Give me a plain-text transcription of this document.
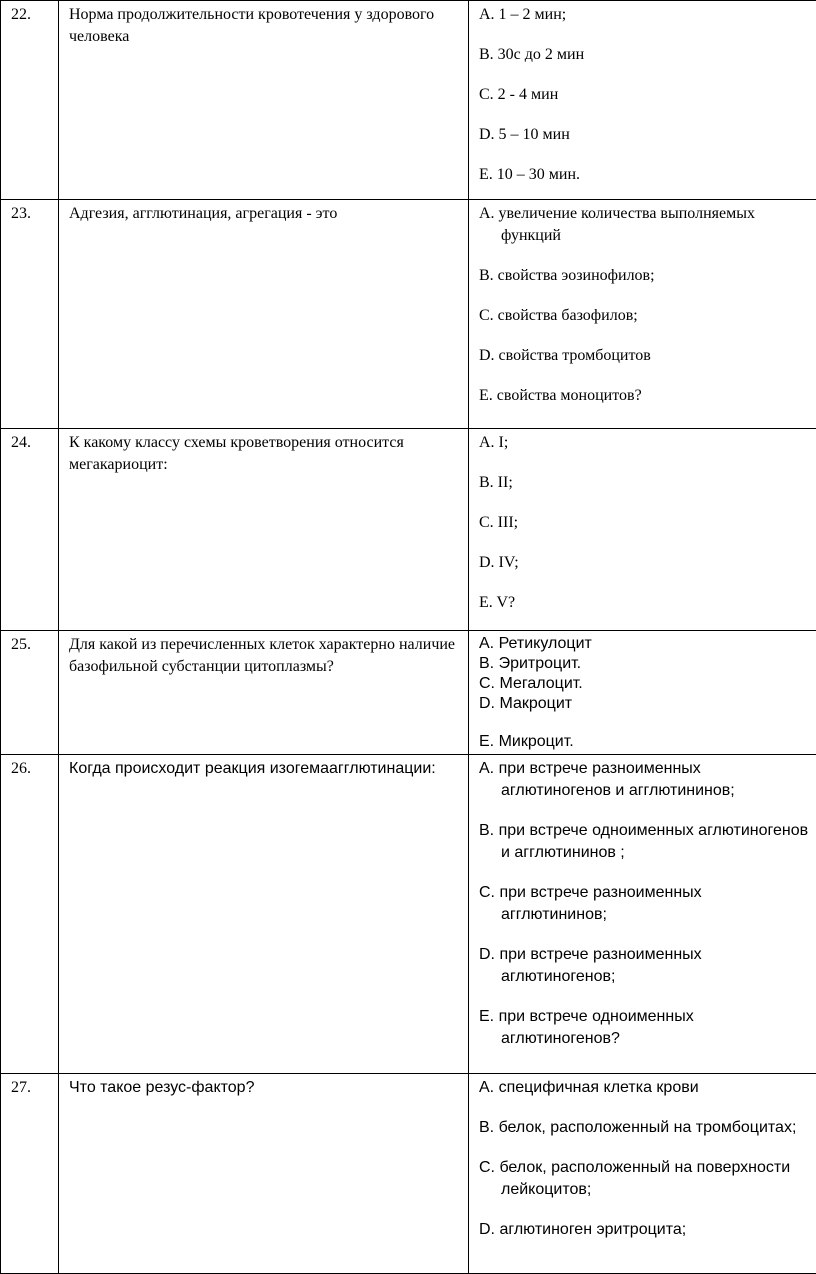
22.	Норма продолжительности кровотечения у здорового человека	A. 1 – 2 мин;
B. 30с до 2 мин
C. 2 - 4 мин
D. 5 – 10 мин
E. 10 – 30 мин.

23.	Адгезия, агглютинация, агрегация - это	A. увеличение количества выполняемых функций
B. свойства эозинофилов;
C. свойства базофилов;
D. свойства тромбоцитов
E. свойства моноцитов?

24.	К какому классу схемы кроветворения относится мегакариоцит:	A. I;
B. II;
C. III;
D. IV;
E. V?

25.	Для какой из перечисленных клеток характерно наличие базофильной субстанции цитоплазмы?	A. Ретикулоцит
B. Эритроцит.
C. Мегалоцит.
D. Макроцит
E. Микроцит.

26.	Когда происходит реакция изогемаагглютинации:	A. при встрече разноименных аглютиногенов и агглютининов;
B. при встрече одноименных аглютиногенов и агглютининов ;
C. при встрече разноименных агглютининов;
D. при встрече разноименных аглютиногенов;
E. при встрече одноименных аглютиногенов?

27.	Что такое резус-фактор?	A. специфичная клетка крови
B. белок, расположенный на тромбоцитах;
C. белок, расположенный на поверхности лейкоцитов;
D. аглютиноген эритроцита;
